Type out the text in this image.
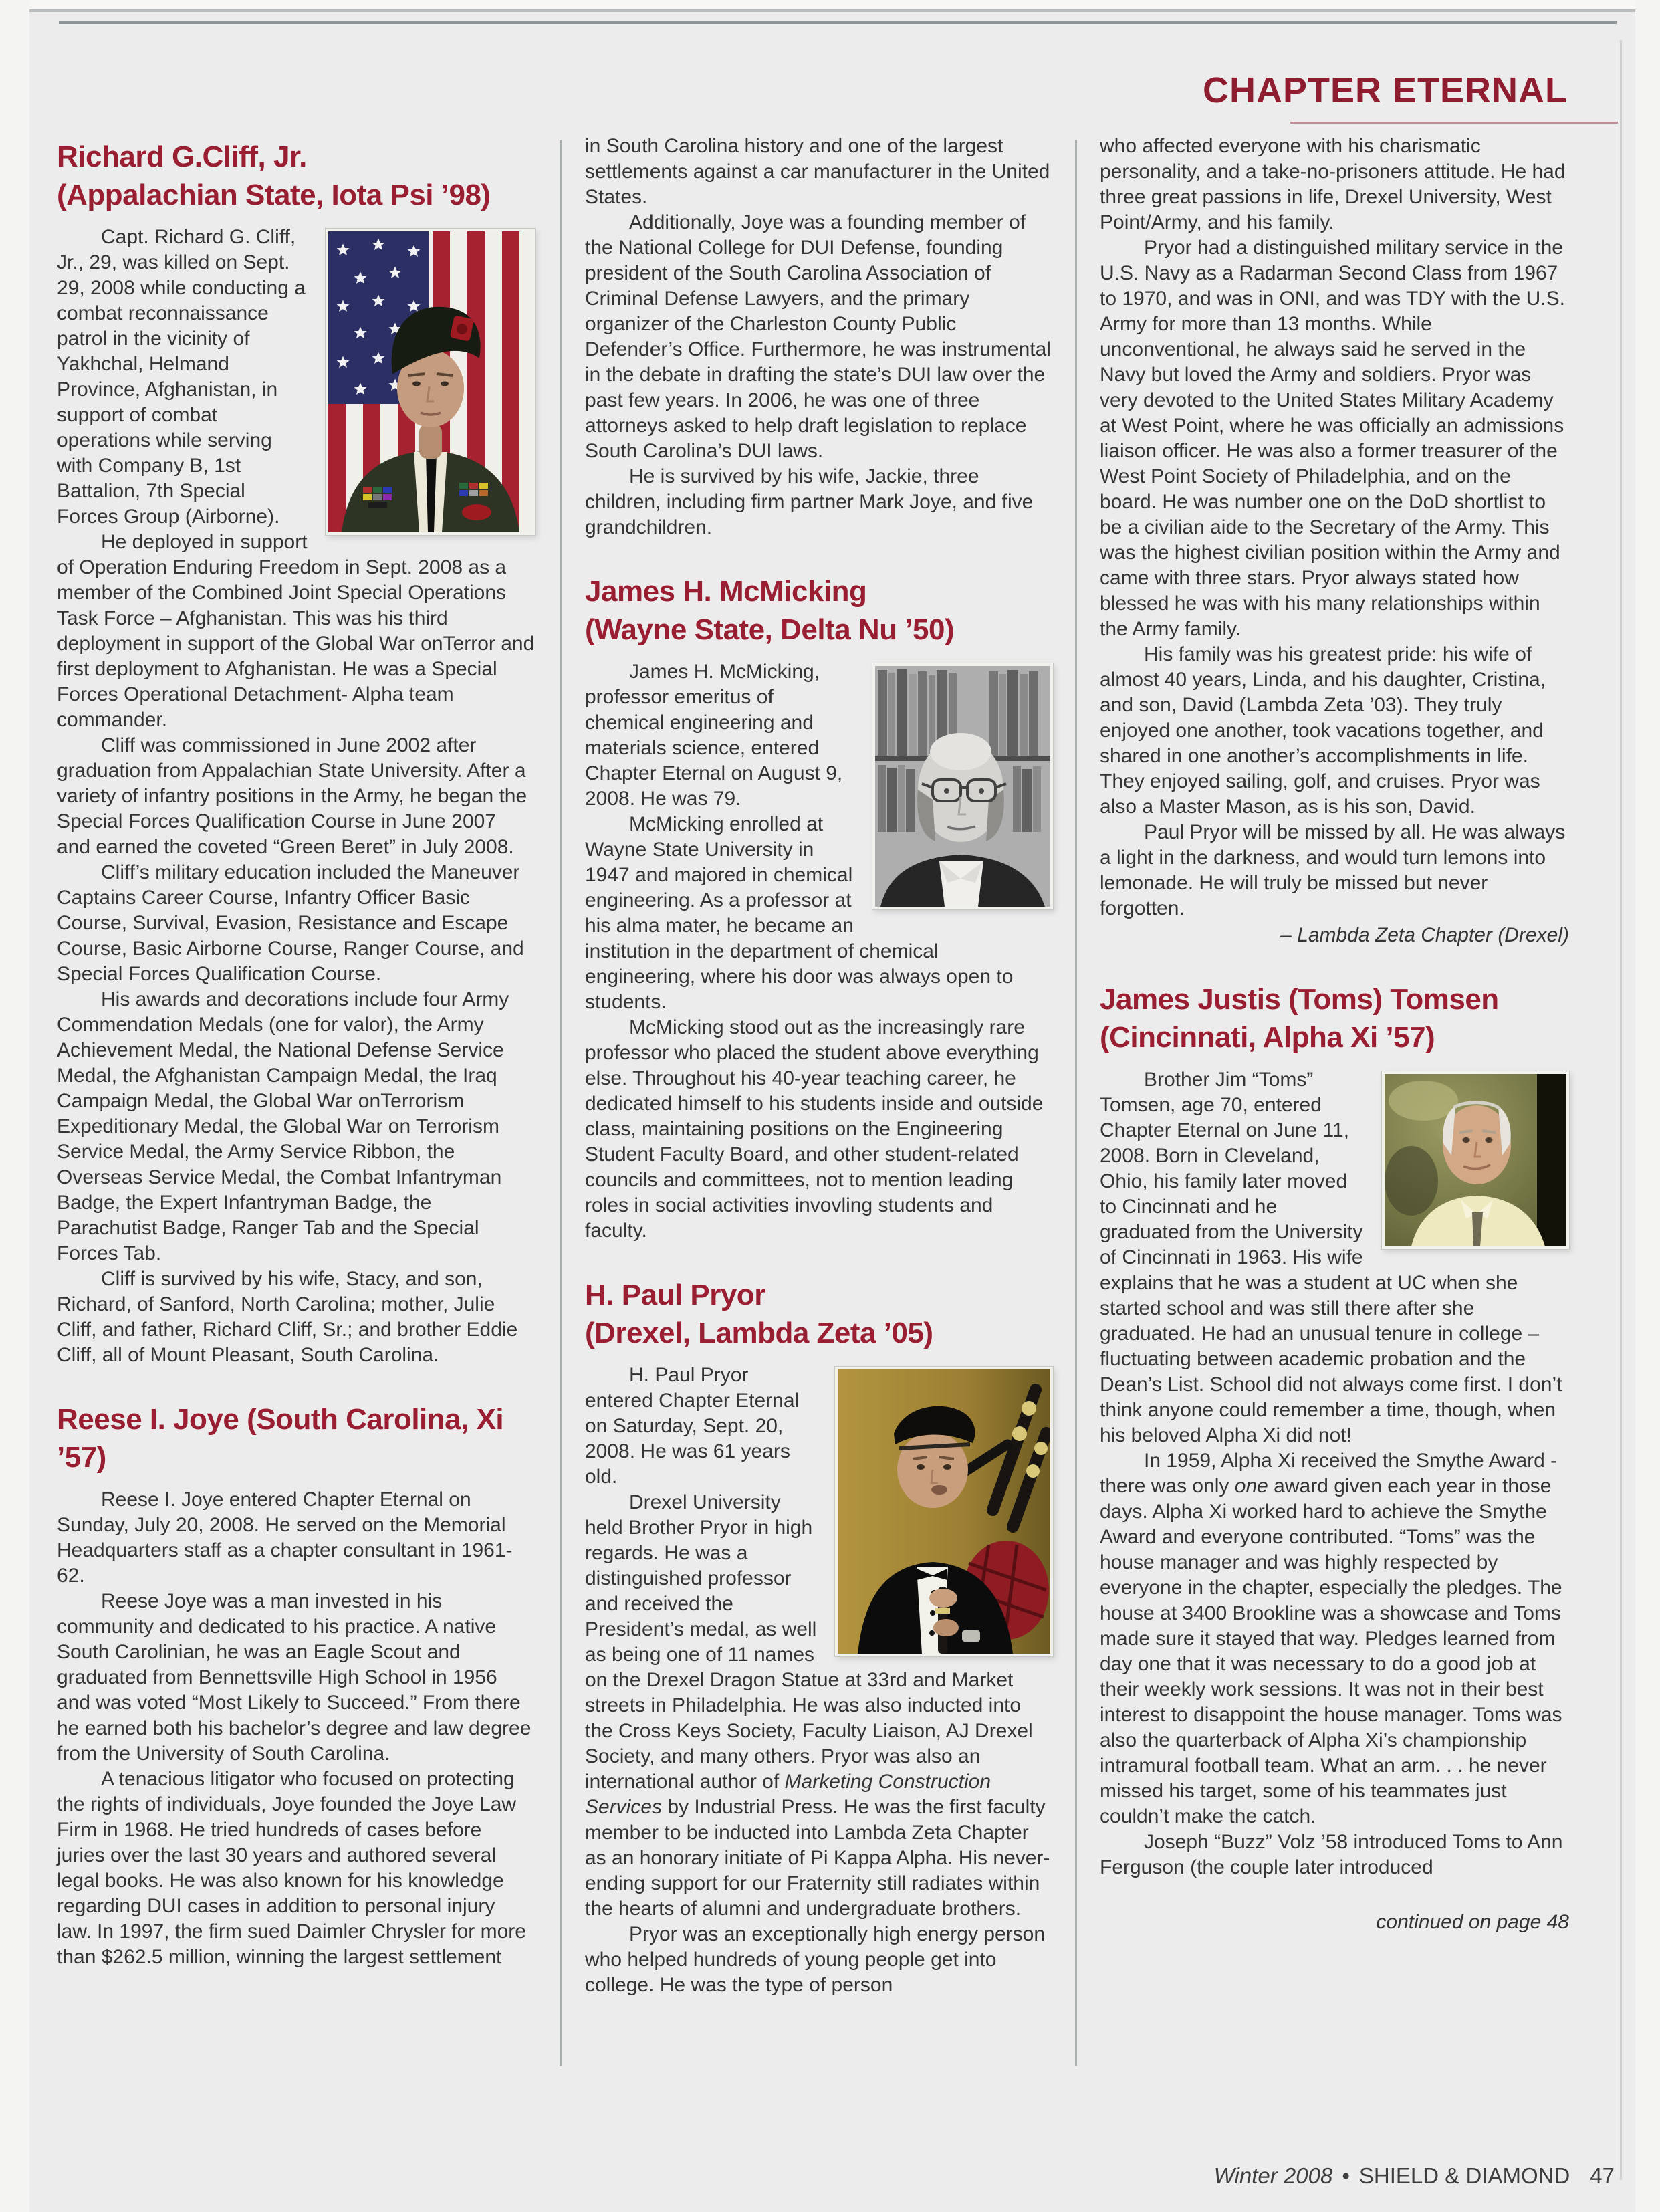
CHAPTER ETERNAL
Richard G.Cliff, Jr.
(Appalachian State, Iota Psi ’98)

Capt. Richard G. Cliff, Jr., 29, was killed on Sept. 29, 2008 while conducting a combat reconnaissance patrol in the vicinity of Yakhchal, Helmand Province, Afghanistan, in support of combat operations while serving with Company B, 1st Battalion, 7th Special Forces Group (Airborne).

He deployed in support of Operation Enduring Freedom in Sept. 2008 as a member of the Combined Joint Special Operations Task Force – Afghanistan. This was his third deployment in support of the Global War onTerror and first deployment to Afghanistan. He was a Special Forces Operational Detachment- Alpha team commander.

Cliff was commissioned in June 2002 after graduation from Appalachian State University. After a variety of infantry positions in the Army, he began the Special Forces Qualification Course in June 2007 and earned the coveted “Green Beret” in July 2008.

Cliff’s military education included the Maneuver Captains Career Course, Infantry Officer Basic Course, Survival, Evasion, Resistance and Escape Course, Basic Airborne Course, Ranger Course, and Special Forces Qualification Course.

His awards and decorations include four Army Commendation Medals (one for valor), the Army Achievement Medal, the National Defense Service Medal, the Afghanistan Campaign Medal, the Iraq Campaign Medal, the Global War onTerrorism Expeditionary Medal, the Global War on Terrorism Service Medal, the Army Service Ribbon, the Overseas Service Medal, the Combat Infantryman Badge, the Expert Infantryman Badge, the Parachutist Badge, Ranger Tab and the Special Forces Tab.

Cliff is survived by his wife, Stacy, and son, Richard, of Sanford, North Carolina; mother, Julie Cliff, and father, Richard Cliff, Sr.; and brother Eddie Cliff, all of Mount Pleasant, South Carolina.

Reese I. Joye (South Carolina, Xi ’57)

Reese I. Joye entered Chapter Eternal on Sunday, July 20, 2008. He served on the Memorial Headquarters staff as a chapter consultant in 1961-62.

Reese Joye was a man invested in his community and dedicated to his practice. A native South Carolinian, he was an Eagle Scout and graduated from Bennettsville High School in 1956 and was voted “Most Likely to Succeed.” From there he earned both his bachelor’s degree and law degree from the University of South Carolina.

A tenacious litigator who focused on protecting the rights of individuals, Joye founded the Joye Law Firm in 1968. He tried hundreds of cases before juries over the last 30 years and authored several legal books. He was also known for his knowledge regarding DUI cases in addition to personal injury law. In 1997, the firm sued Daimler Chrysler for more than $262.5 million, winning the largest settlement

in South Carolina history and one of the largest settlements against a car manufacturer in the United States.

Additionally, Joye was a founding member of the National College for DUI Defense, founding president of the South Carolina Association of Criminal Defense Lawyers, and the primary organizer of the Charleston County Public Defender’s Office. Furthermore, he was instrumental in the debate in drafting the state’s DUI law over the past few years. In 2006, he was one of three attorneys asked to help draft legislation to replace South Carolina’s DUI laws.

He is survived by his wife, Jackie, three children, including firm partner Mark Joye, and five grandchildren.

James H. McMicking
(Wayne State, Delta Nu ’50)

James H. McMicking, professor emeritus of chemical engineering and materials science, entered Chapter Eternal on August 9, 2008. He was 79.

McMicking enrolled at Wayne State University in 1947 and majored in chemical engineering. As a professor at his alma mater, he became an institution in the department of chemical engineering, where his door was always open to students.

McMicking stood out as the increasingly rare professor who placed the student above everything else. Throughout his 40-year teaching career, he dedicated himself to his students inside and outside class, maintaining positions on the Engineering Student Faculty Board, and other student-related councils and committees, not to mention leading roles in social activities invovling students and faculty.

H. Paul Pryor
(Drexel, Lambda Zeta ’05)

H. Paul Pryor entered Chapter Eternal on Saturday, Sept. 20, 2008. He was 61 years old.

Drexel University held Brother Pryor in high regards. He was a distinguished professor and received the President’s medal, as well as being one of 11 names on the Drexel Dragon Statue at 33rd and Market streets in Philadelphia. He was also inducted into the Cross Keys Society, Faculty Liaison, AJ Drexel Society, and many others. Pryor was also an international author of Marketing Construction Services by Industrial Press. He was the first faculty member to be inducted into Lambda Zeta Chapter as an honorary initiate of Pi Kappa Alpha. His never-ending support for our Fraternity still radiates within the hearts of alumni and undergraduate brothers.

Pryor was an exceptionally high energy person who helped hundreds of young people get into college. He was the type of person

who affected everyone with his charismatic personality, and a take-no-prisoners attitude. He had three great passions in life, Drexel University, West Point/Army, and his family.

Pryor had a distinguished military service in the U.S. Navy as a Radarman Second Class from 1967 to 1970, and was in ONI, and was TDY with the U.S. Army for more than 13 months. While unconventional, he always said he served in the Navy but loved the Army and soldiers. Pryor was very devoted to the United States Military Academy at West Point, where he was officially an admissions liaison officer. He was also a former treasurer of the West Point Society of Philadelphia, and on the board. He was number one on the DoD shortlist to be a civilian aide to the Secretary of the Army. This was the highest civilian position within the Army and came with three stars. Pryor always stated how blessed he was with his many relationships within the Army family.

His family was his greatest pride: his wife of almost 40 years, Linda, and his daughter, Cristina, and son, David (Lambda Zeta ’03). They truly enjoyed one another, took vacations together, and shared in one another’s accomplishments in life. They enjoyed sailing, golf, and cruises. Pryor was also a Master Mason, as is his son, David.

Paul Pryor will be missed by all. He was always a light in the darkness, and would turn lemons into lemonade. He will truly be missed but never forgotten.

– Lambda Zeta Chapter (Drexel)

James Justis (Toms) Tomsen
(Cincinnati, Alpha Xi ’57)

Brother Jim “Toms” Tomsen, age 70, entered Chapter Eternal on June 11, 2008. Born in Cleveland, Ohio, his family later moved to Cincinnati and he graduated from the University of Cincinnati in 1963. His wife explains that he was a student at UC when she started school and was still there after she graduated. He had an unusual tenure in college – fluctuating between academic probation and the Dean’s List. School did not always come first. I don’t think anyone could remember a time, though, when his beloved Alpha Xi did not!

In 1959, Alpha Xi received the Smythe Award - there was only one award given each year in those days. Alpha Xi worked hard to achieve the Smythe Award and everyone contributed. “Toms” was the house manager and was highly respected by everyone in the chapter, especially the pledges. The house at 3400 Brookline was a showcase and Toms made sure it stayed that way. Pledges learned from day one that it was necessary to do a good job at their weekly work sessions. It was not in their best interest to disappoint the house manager. Toms was also the quarterback of Alpha Xi’s championship intramural football team. What an arm. . . he never missed his target, some of his teammates just couldn’t make the catch.

Joseph “Buzz” Volz ’58 introduced Toms to Ann Ferguson (the couple later introduced

continued on page 48

Winter 2008 • SHIELD & DIAMOND 47
